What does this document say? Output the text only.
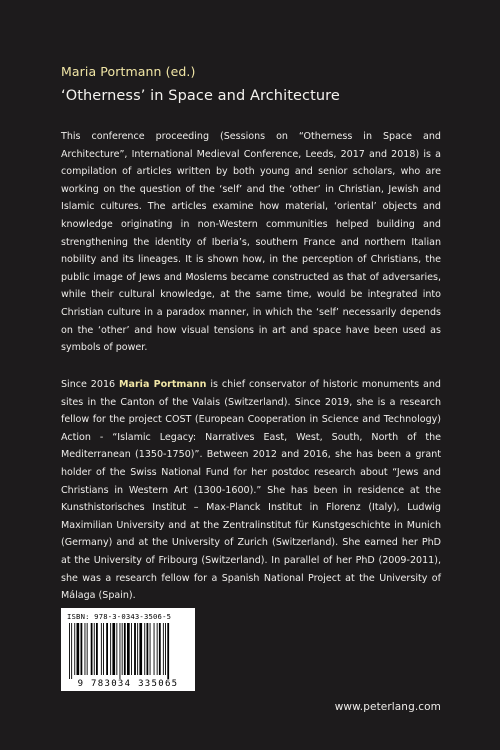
Maria Portmann (ed.)
‘Otherness’ in Space and Architecture
This conference proceeding (Sessions on “Otherness in Space and Architecture”, International Medieval Conference, Leeds, 2017 and 2018) is a compilation of articles written by both young and senior scholars, who are working on the question of the ‘self’ and the ‘other’ in Christian, Jewish and Islamic cultures. The articles examine how material, ‘oriental’ objects and knowledge originating in non-Western communities helped building and strengthening the identity of Iberia’s, southern France and northern Italian nobility and its lineages. It is shown how, in the perception of Christians, the public image of Jews and Moslems became constructed as that of adversaries, while their cultural knowledge, at the same time, would be integrated into Christian culture in a paradox manner, in which the ‘self’ necessarily depends on the ‘other’ and how visual tensions in art and space have been used as symbols of power.
Since 2016 Maria Portmann is chief conservator of historic monuments and sites in the Canton of the Valais (Switzerland). Since 2019, she is a research fellow for the project COST (European Cooperation in Science and Technology) Action - “Islamic Legacy: Narratives East, West, South, North of the Mediterranean (1350-1750)”. Between 2012 and 2016, she has been a grant holder of the Swiss National Fund for her postdoc research about “Jews and Christians in Western Art (1300-1600).” She has been in residence at the Kunsthistorisches Institut – Max-Planck Institut in Florenz (Italy), Ludwig Maximilian University and at the Zentralinstitut für Kunstgeschichte in Munich (Germany) and at the University of Zurich (Switzerland). She earned her PhD at the University of Fribourg (Switzerland). In parallel of her PhD (2009-2011), she was a research fellow for a Spanish National Project at the University of Málaga (Spain).
ISBN: 978-3-0343-3506-5
9 783034 335065
www.peterlang.com
